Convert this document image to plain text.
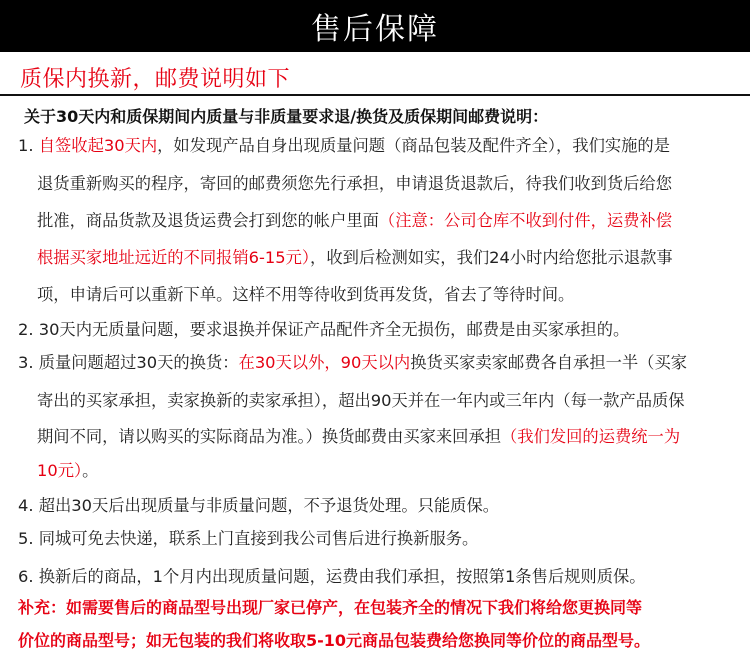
售后保障
质保内换新，邮费说明如下
关于30天内和质保期间内质量与非质量要求退/换货及质保期间邮费说明：
1. 自签收起30天内，如发现产品自身出现质量问题（商品包装及配件齐全），我们实施的是
退货重新购买的程序，寄回的邮费须您先行承担，申请退货退款后，待我们收到货后给您
批准，商品货款及退货运费会打到您的帐户里面（注意：公司仓库不收到付件，运费补偿
根据买家地址远近的不同报销6-15元），收到后检测如实，我们24小时内给您批示退款事
项，申请后可以重新下单。这样不用等待收到货再发货，省去了等待时间。
2. 30天内无质量问题，要求退换并保证产品配件齐全无损伤，邮费是由买家承担的。
3. 质量问题超过30天的换货：在30天以外，90天以内换货买家卖家邮费各自承担一半（买家
寄出的买家承担，卖家换新的卖家承担），超出90天并在一年内或三年内（每一款产品质保
期间不同，请以购买的实际商品为准。）换货邮费由买家来回承担（我们发回的运费统一为
10元）。
4. 超出30天后出现质量与非质量问题，不予退货处理。只能质保。
5. 同城可免去快递，联系上门直接到我公司售后进行换新服务。
6. 换新后的商品，1个月内出现质量问题，运费由我们承担，按照第1条售后规则质保。
补充：如需要售后的商品型号出现厂家已停产，在包装齐全的情况下我们将给您更换同等
价位的商品型号；如无包装的我们将收取5-10元商品包装费给您换同等价位的商品型号。
